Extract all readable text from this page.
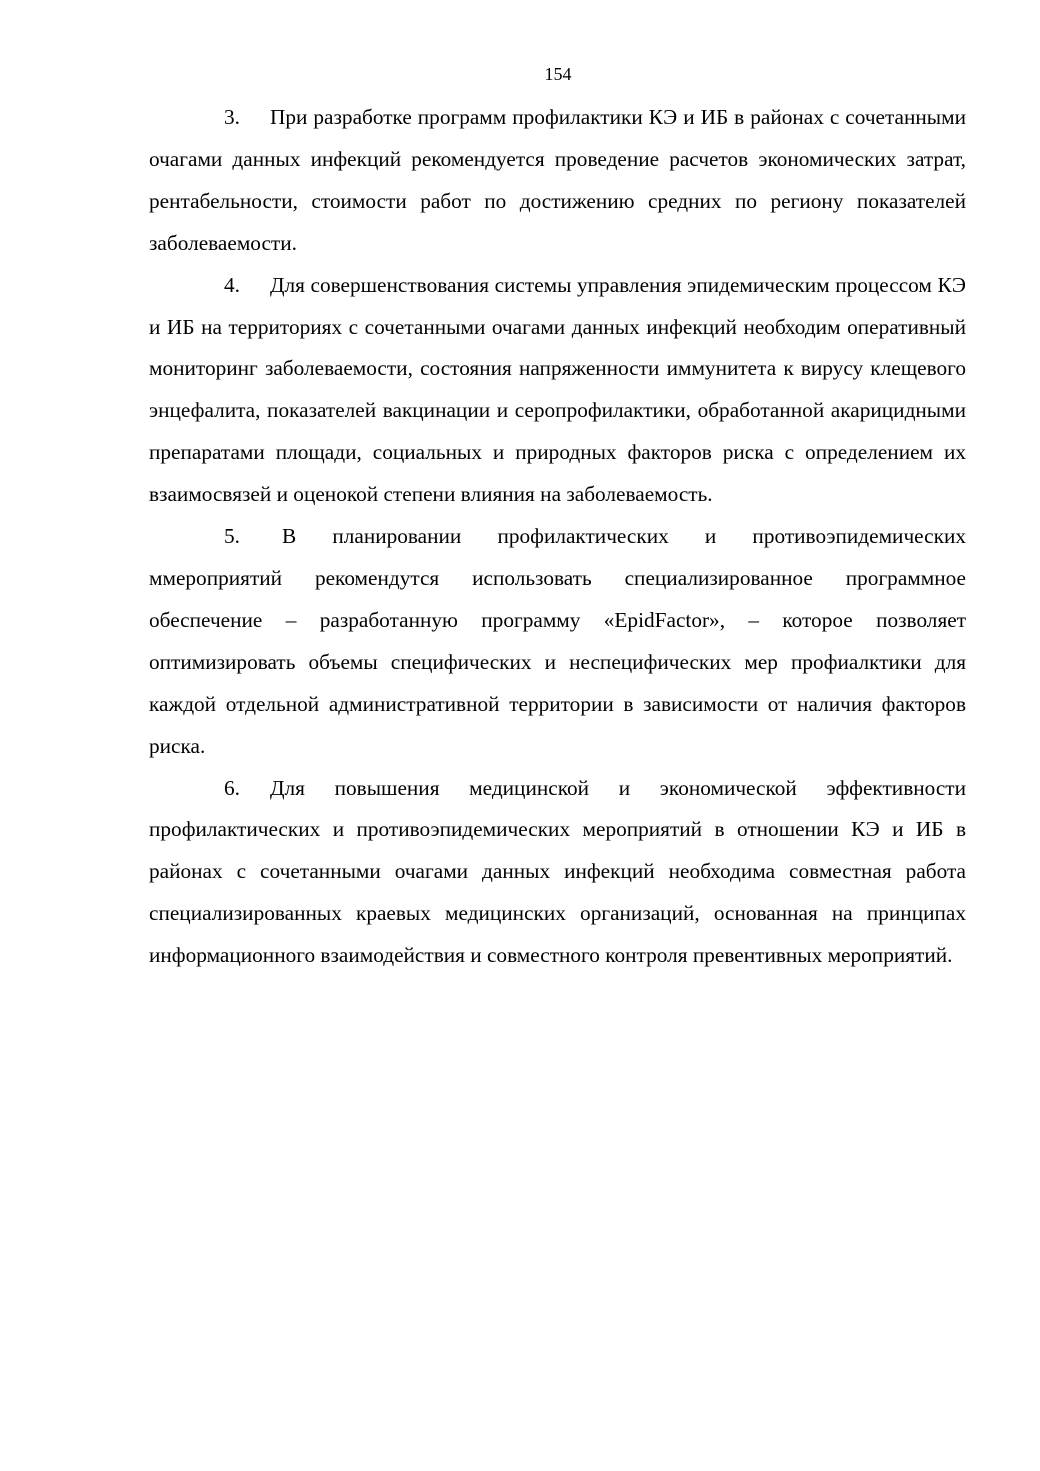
154

3. При разработке программ профилактики КЭ и ИБ в районах с сочетанными очагами данных инфекций рекомендуется проведение расчетов экономических затрат, рентабельности, стоимости работ по достижению средних по региону показателей заболеваемости.

4. Для совершенствования системы управления эпидемическим процессом КЭ и ИБ на территориях с сочетанными очагами данных инфекций необходим оперативный мониторинг заболеваемости, состояния напряженности иммунитета к вирусу клещевого энцефалита, показателей вакцинации и серопрофилактики, обработанной акарицидными препаратами площади, социальных и природных факторов риска с определением их взаимосвязей и оценокой степени влияния на заболеваемость.

5. В планировании профилактических и противоэпидемических ммероприятий рекомендутся использовать специализированное программное обеспечение – разработанную программу «EpidFactor», – которое позволяет оптимизировать объемы специфических и неспецифических мер профиалктики для каждой отдельной административной территории в зависимости от наличия факторов риска.

6. Для повышения медицинской и экономической эффективности профилактических и противоэпидемических мероприятий в отношении КЭ и ИБ в районах с сочетанными очагами данных инфекций необходима совместная работа специализированных краевых медицинских организаций, основанная на принципах информационного взаимодействия и совместного контроля превентивных мероприятий.
